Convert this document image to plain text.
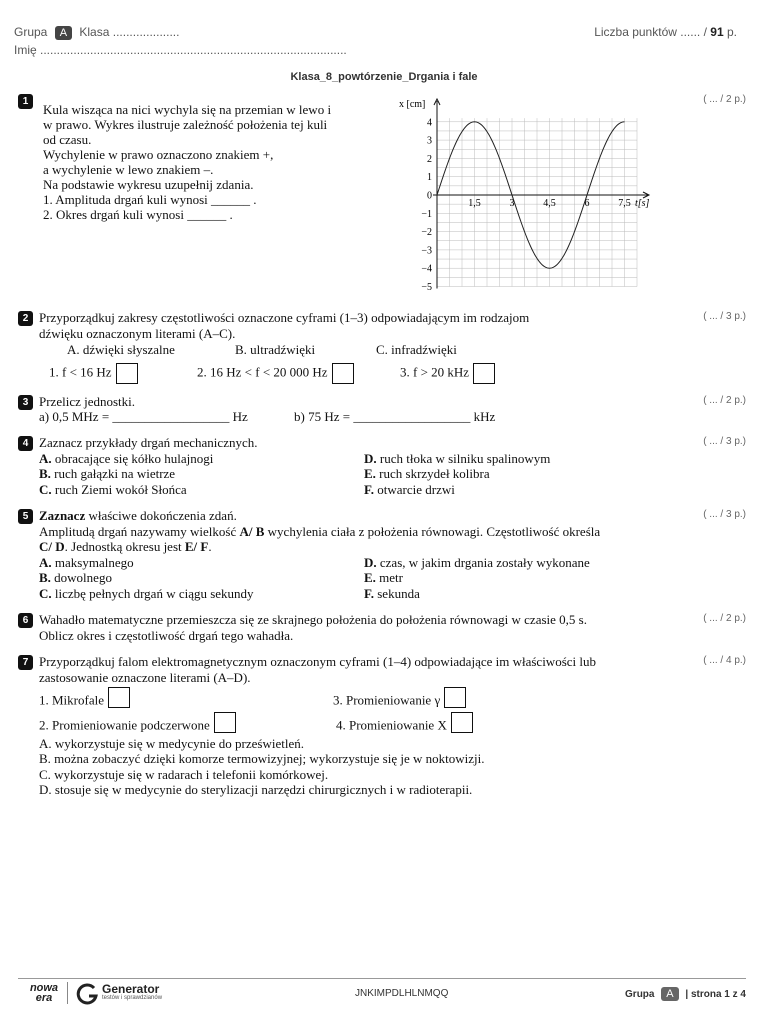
Grupa A Klasa ....................	Liczba punktów ...... / 91 p.
Imię ............................................................................................
Klasa_8_powtórzenie_Drgania i fale
1	( ... / 2 p.)
Kula wisząca na nici wychyla się na przemian w lewo i
w prawo. Wykres ilustruje zależność położenia tej kuli
od czasu.
Wychylenie w prawo oznaczono znakiem +,
a wychylenie w lewo znakiem –.
Na podstawie wykresu uzupełnij zdania.
1. Amplituda drgań kuli wynosi ______ .
2. Okres drgań kuli wynosi ______ .
4
3
2
1
0
−1
−2
−3
−4
−5
1,5	3	4,5	6	7,5
x [cm]
t[s]
2	( ... / 3 p.)
Przyporządkuj zakresy częstotliwości oznaczone cyframi (1–3) odpowiadającym im rodzajom
dźwięku oznaczonym literami (A–C).
A. dźwięki słyszalne	B. ultradźwięki	C. infradźwięki
1. f < 16 Hz	2. 16 Hz < f < 20 000 Hz	3. f > 20 kHz
3	( ... / 2 p.)
Przelicz jednostki.
a) 0,5 MHz = __________________ Hz	b) 75 Hz = __________________ kHz
4	( ... / 3 p.)
Zaznacz przykłady drgań mechanicznych.
A. obracające się kółko hulajnogi
B. ruch gałązki na wietrze
C. ruch Ziemi wokół Słońca
D. ruch tłoka w silniku spalinowym
E. ruch skrzydeł kolibra
F. otwarcie drzwi
5	( ... / 3 p.)
Zaznacz właściwe dokończenia zdań.
Amplitudą drgań nazywamy wielkość A/ B wychylenia ciała z położenia równowagi. Częstotliwość określa
C/ D. Jednostką okresu jest E/ F.
A. maksymalnego
B. dowolnego
C. liczbę pełnych drgań w ciągu sekundy
D. czas, w jakim drgania zostały wykonane
E. metr
F. sekunda
6	( ... / 2 p.)
Wahadło matematyczne przemieszcza się ze skrajnego położenia do położenia równowagi w czasie 0,5 s.
Oblicz okres i częstotliwość drgań tego wahadła.
7	( ... / 4 p.)
Przyporządkuj falom elektromagnetycznym oznaczonym cyframi (1–4) odpowiadające im właściwości lub
zastosowanie oznaczone literami (A–D).
1. Mikrofale	3. Promieniowanie γ
2. Promieniowanie podczerwone	4. Promieniowanie X
A. wykorzystuje się w medycynie do prześwietleń.
B. można zobaczyć dzięki komorze termowizyjnej; wykorzystuje się je w noktowizji.
C. wykorzystuje się w radarach i telefonii komórkowej.
D. stosuje się w medycynie do sterylizacji narzędzi chirurgicznych i w radioterapii.
nowa
era
Generator
testów i sprawdzianów	JNKIMPDLHLNMQQ	Grupa A | strona 1 z 4
